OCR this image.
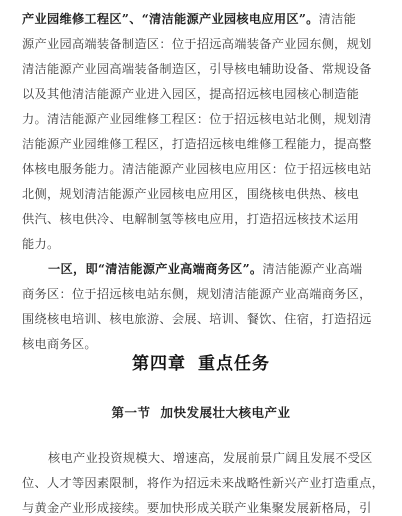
产业园维修工程区”、“清洁能源产业园核电应用区”。清洁能
源产业园高端装备制造区：位于招远高端装备产业园东侧，规划
清洁能源产业园高端装备制造区，引导核电辅助设备、常规设备
以及其他清洁能源产业进入园区，提高招远核电园核心制造能
力。清洁能源产业园维修工程区：位于招远核电站北侧，规划清
洁能源产业园维修工程区，打造招远核电维修工程能力，提高整
体核电服务能力。清洁能源产业园核电应用区：位于招远核电站
北侧，规划清洁能源产业园核电应用区，围绕核电供热、核电
供汽、核电供冷、电解制氢等核电应用，打造招远核技术运用
能力。
一区，即“清洁能源产业高端商务区”。清洁能源产业高端
商务区：位于招远核电站东侧，规划清洁能源产业高端商务区，
围绕核电培训、核电旅游、会展、培训、餐饮、住宿，打造招远
核电商务区。
核电产业投资规模大、增速高，发展前景广阔且发展不受区
位、人才等因素限制，将作为招远未来战略性新兴产业打造重点，
与黄金产业形成接续。要加快形成关联产业集聚发展新格局，引
第四章 重点任务
第一节 加快发展壮大核电产业
